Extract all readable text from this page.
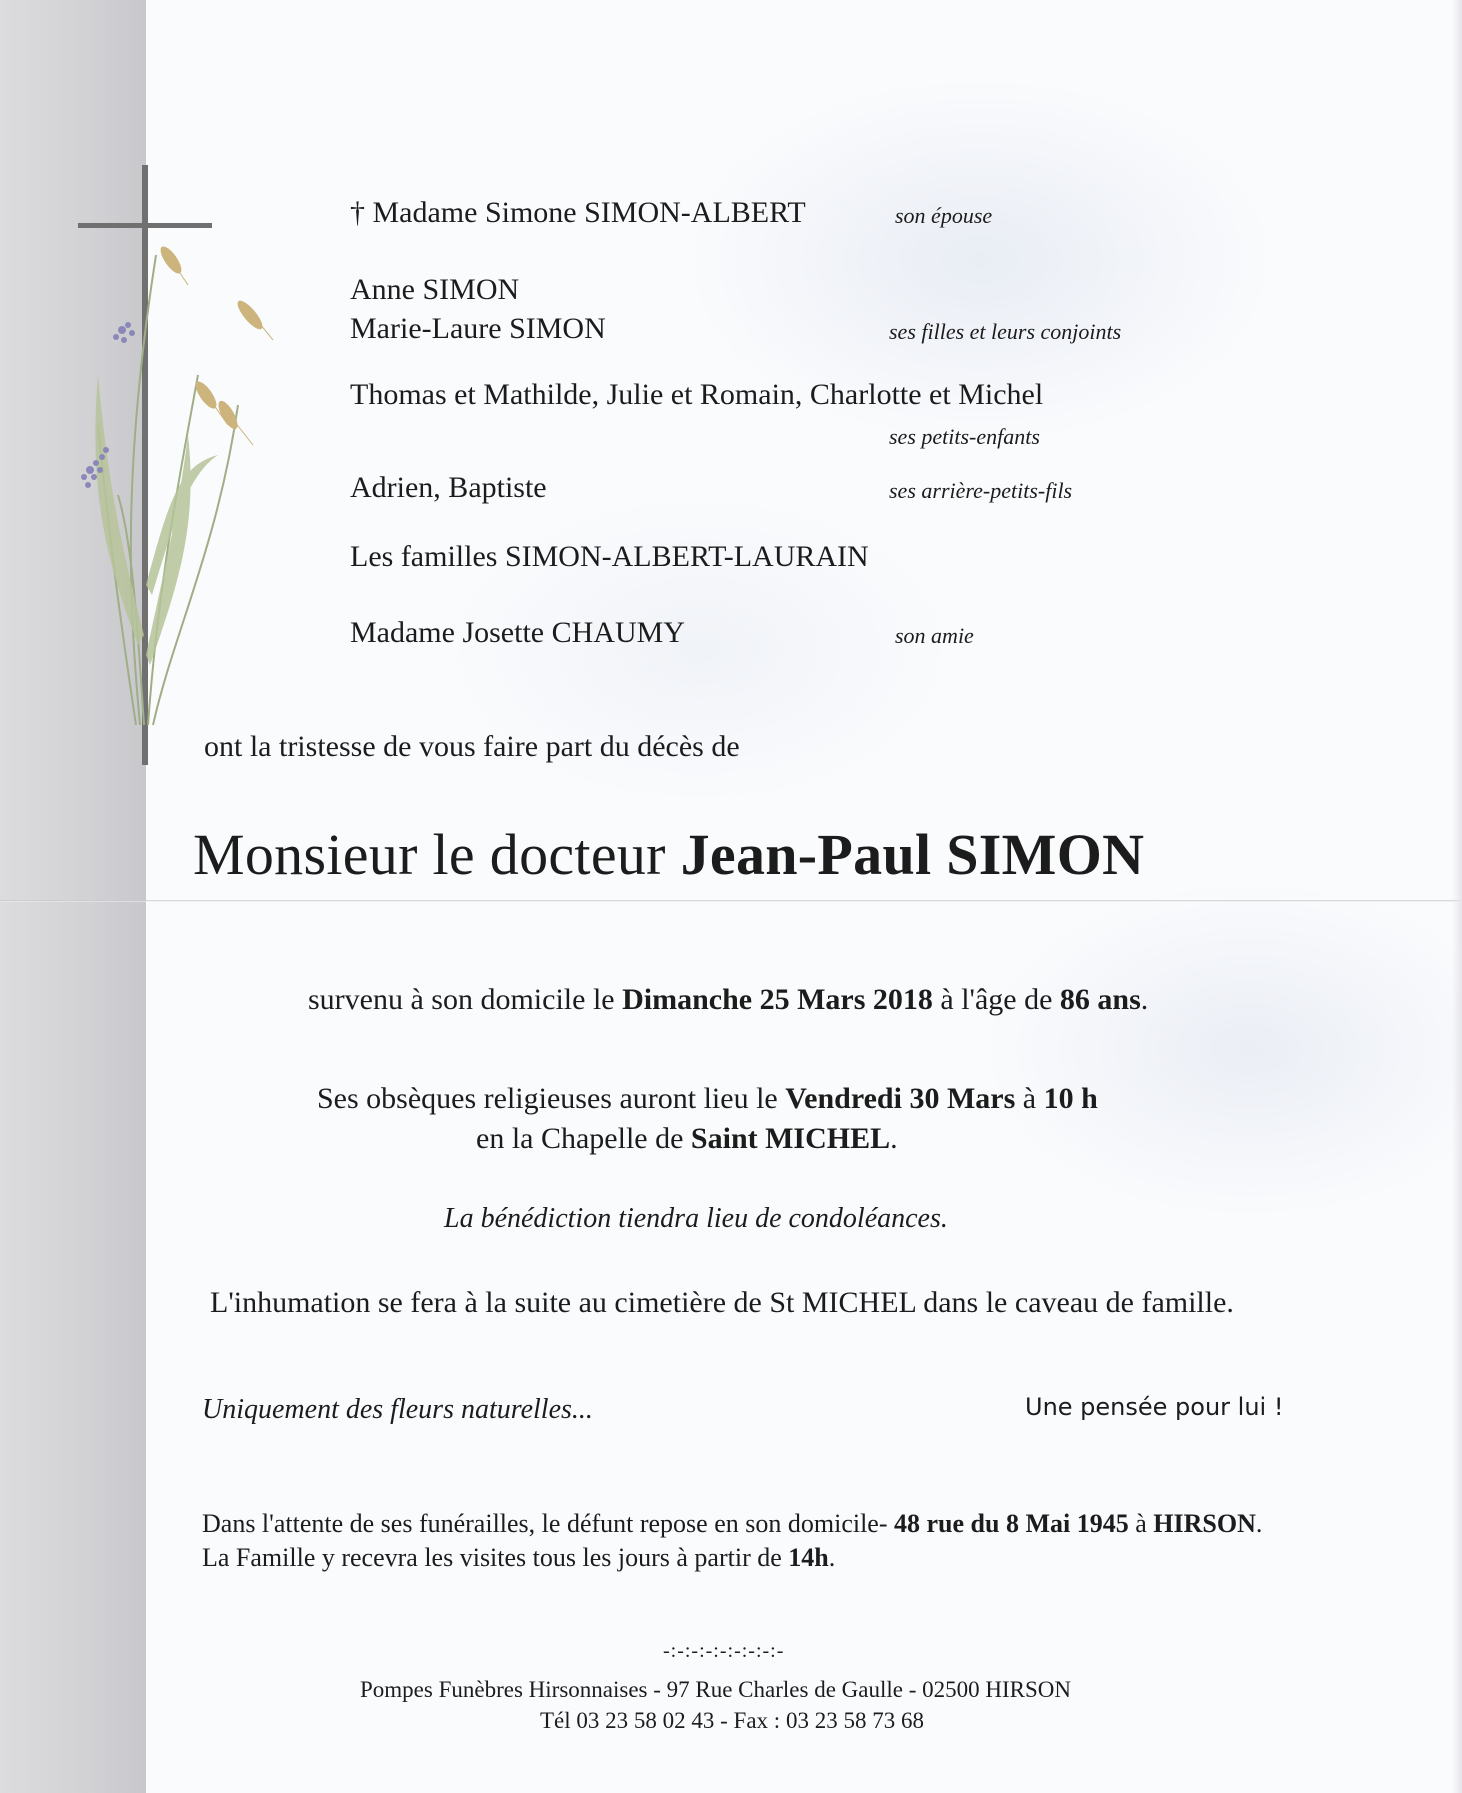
† Madame Simone SIMON-ALBERT	son épouse
Anne SIMON
Marie-Laure SIMON	ses filles et leurs conjoints
Thomas et Mathilde, Julie et Romain, Charlotte et Michel
ses petits-enfants
Adrien, Baptiste	ses arrière-petits-fils
Les familles SIMON-ALBERT-LAURAIN
Madame Josette CHAUMY	son amie
ont la tristesse de vous faire part du décès de
Monsieur le docteur Jean-Paul SIMON
survenu à son domicile le Dimanche 25 Mars 2018 à l'âge de 86 ans.
Ses obsèques religieuses auront lieu le Vendredi 30 Mars à 10 h
en la Chapelle de Saint MICHEL.
La bénédiction tiendra lieu de condoléances.
L'inhumation se fera à la suite au cimetière de St MICHEL dans le caveau de famille.
Uniquement des fleurs naturelles...	Une pensée pour lui !
Dans l'attente de ses funérailles, le défunt repose en son domicile- 48 rue du 8 Mai 1945 à HIRSON.
La Famille y recevra les visites tous les jours à partir de 14h.
-:-:-:-:-:-:-:-:-
Pompes Funèbres Hirsonnaises - 97 Rue Charles de Gaulle - 02500 HIRSON
Tél 03 23 58 02 43 - Fax : 03 23 58 73 68
